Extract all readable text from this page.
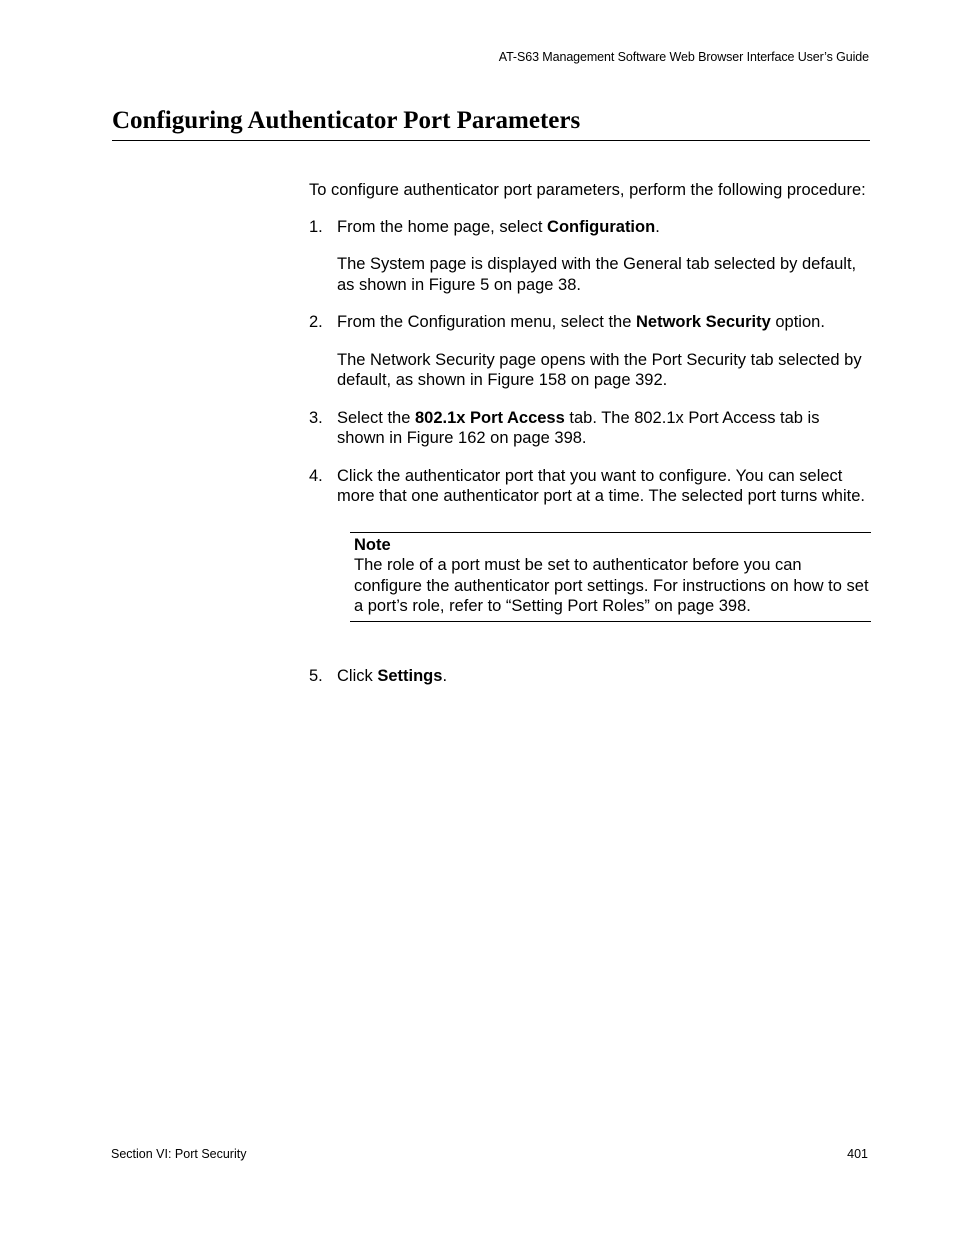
AT-S63 Management Software Web Browser Interface User’s Guide
Configuring Authenticator Port Parameters

To configure authenticator port parameters, perform the following procedure:

1. From the home page, select Configuration.

The System page is displayed with the General tab selected by default, as shown in Figure 5 on page 38.

2. From the Configuration menu, select the Network Security option.

The Network Security page opens with the Port Security tab selected by default, as shown in Figure 158 on page 392.

3. Select the 802.1x Port Access tab. The 802.1x Port Access tab is shown in Figure 162 on page 398.

4. Click the authenticator port that you want to configure. You can select more that one authenticator port at a time. The selected port turns white.

Note

The role of a port must be set to authenticator before you can configure the authenticator port settings. For instructions on how to set a port’s role, refer to “Setting Port Roles” on page 398.

5. Click Settings.

Section VI: Port Security	401
